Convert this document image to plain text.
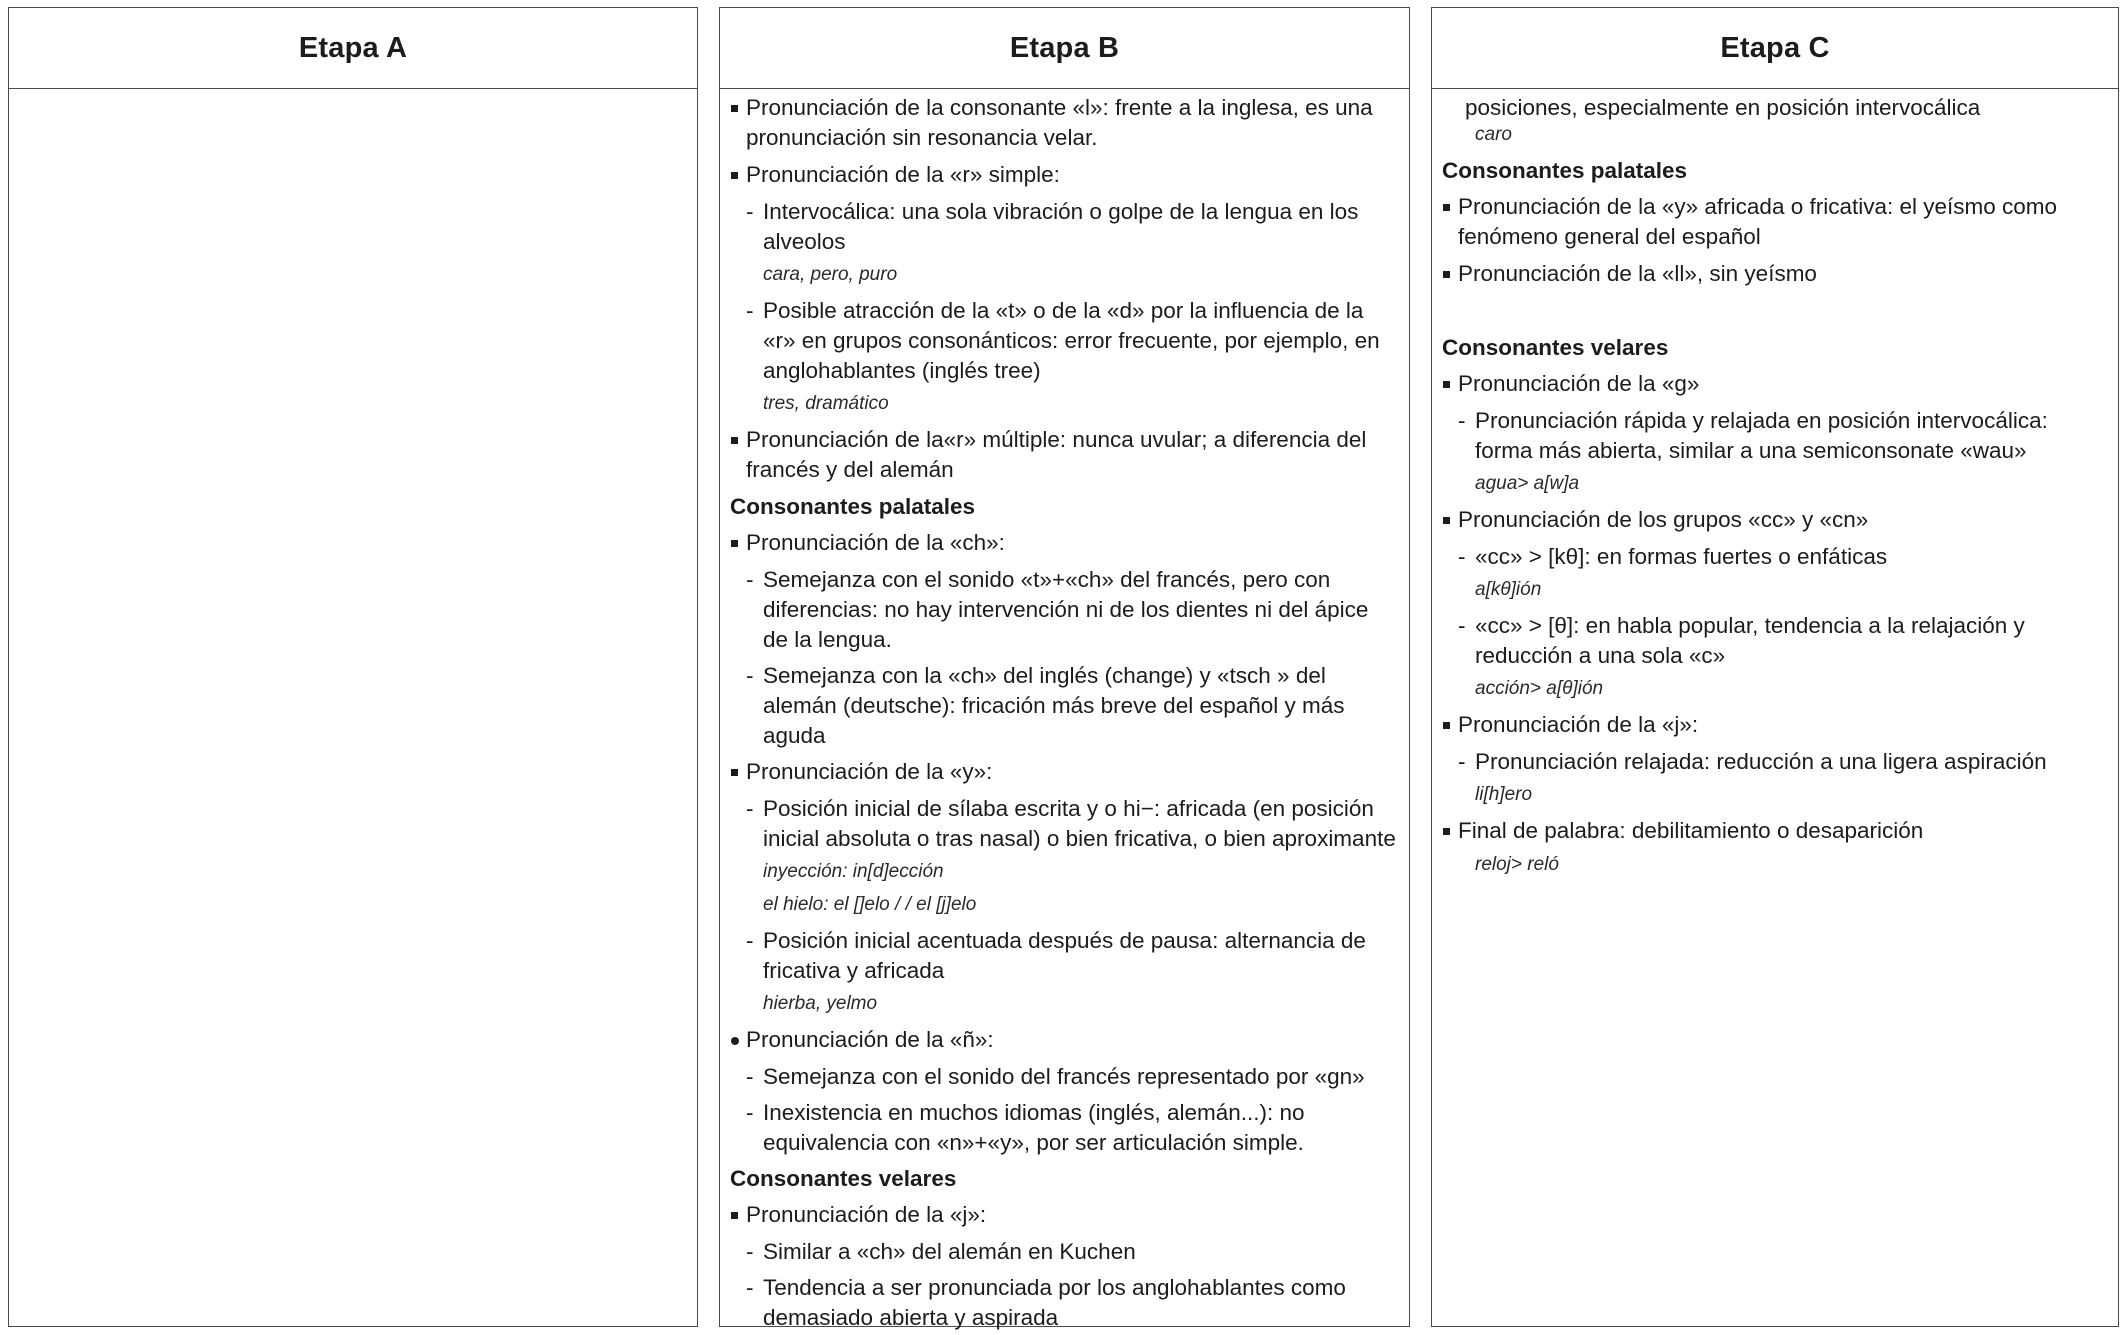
Etapa A	Etapa B
Pronunciación de la consonante «l»: frente a la inglesa, es una pronunciación sin resonancia velar.
Pronunciación de la «r» simple:
- Intervocálica: una sola vibración o golpe de la lengua en los alveolos
cara, pero, puro
- Posible atracción de la «t» o de la «d» por la influencia de la «r» en grupos consonánticos: error frecuente, por ejemplo, en anglohablantes (inglés tree)
tres, dramático
Pronunciación de la«r» múltiple: nunca uvular; a diferencia del francés y del alemán
Consonantes palatales
Pronunciación de la «ch»:
- Semejanza con el sonido «t»+«ch» del francés, pero con diferencias: no hay intervención ni de los dientes ni del ápice de la lengua.
- Semejanza con la «ch» del inglés (change) y «tsch » del alemán (deutsche): fricación más breve del español y más aguda
Pronunciación de la «y»:
- Posición inicial de sílaba escrita y o hi−: africada (en posición inicial absoluta o tras nasal) o bien fricativa, o bien aproximante
inyección: in[d]ección
el hielo: el []elo / / el [j]elo
- Posición inicial acentuada después de pausa: alternancia de fricativa y africada
hierba, yelmo
Pronunciación de la «ñ»:
- Semejanza con el sonido del francés representado por «gn»
- Inexistencia en muchos idiomas (inglés, alemán...): no equivalencia con «n»+«y», por ser articulación simple.
Consonantes velares
Pronunciación de la «j»:
- Similar a «ch» del alemán en Kuchen
- Tendencia a ser pronunciada por los anglohablantes como demasiado abierta y aspirada
Etapa C
posiciones, especialmente en posición intervocálica
caro
Consonantes palatales
Pronunciación de la «y» africada o fricativa: el yeísmo como fenómeno general del español
Pronunciación de la «ll», sin yeísmo
Consonantes velares
Pronunciación de la «g»
- Pronunciación rápida y relajada en posición intervocálica: forma más abierta, similar a una semiconsonate «wau»
agua> a[w]a
Pronunciación de los grupos «cc» y «cn»
- «cc» > [kθ]: en formas fuertes o enfáticas
a[kθ]ión
- «cc» > [θ]: en habla popular, tendencia a la relajación y reducción a una sola «c»
acción> a[θ]ión
Pronunciación de la «j»:
- Pronunciación relajada: reducción a una ligera aspiración
li[h]ero
Final de palabra: debilitamiento o desaparición
reloj> reló
